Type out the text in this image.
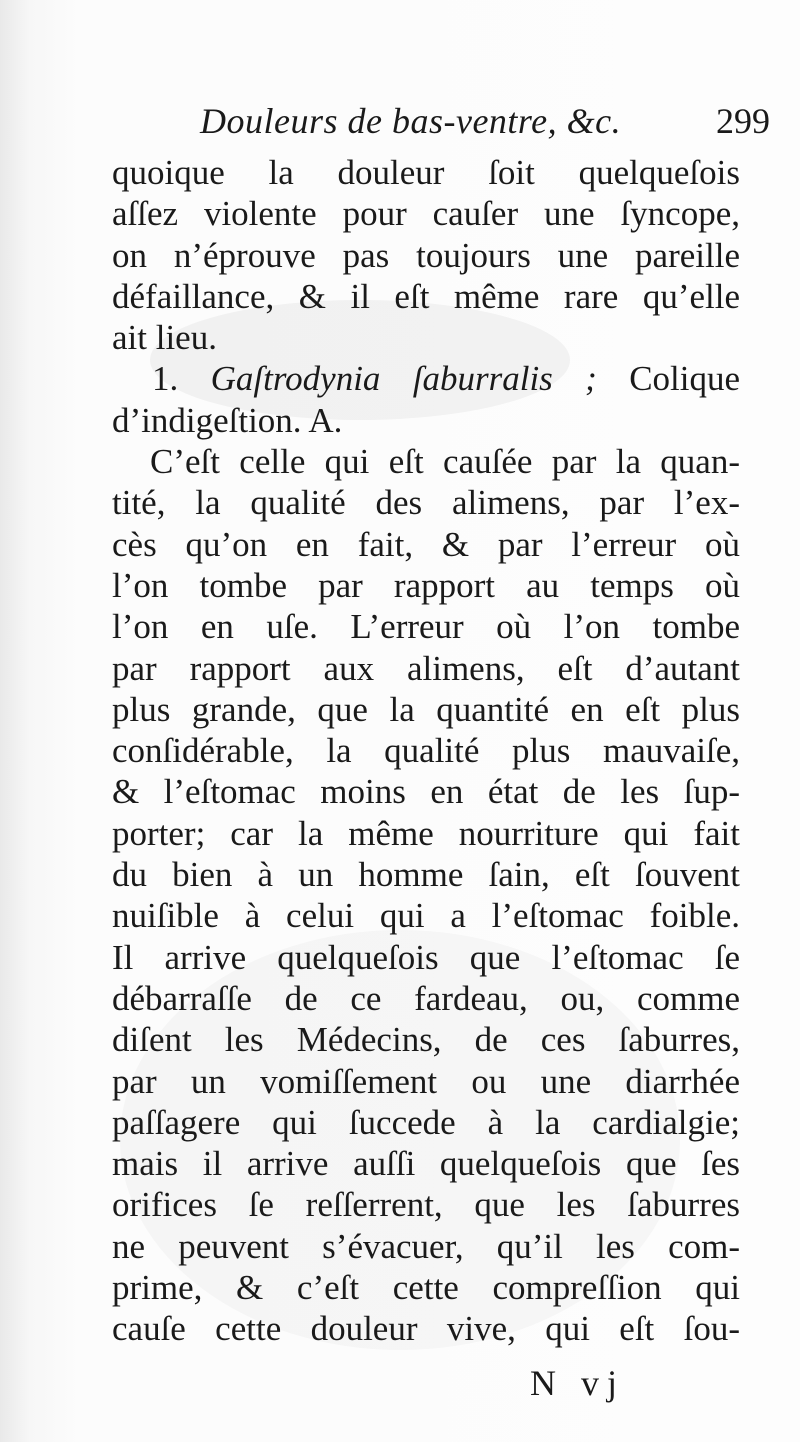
Douleurs de bas-ventre, &c.	299
quoique la douleur ſoit quelqueſois
aſſez violente pour cauſer une ſyncope,
on n’éprouve pas toujours une pareille
défaillance, & il eſt même rare qu’elle
ait lieu.
1. Gaſtrodynia ſaburralis ; Colique
d’indigeſtion. A.
C’eſt celle qui eſt cauſée par la quan-
tité, la qualité des alimens, par l’ex-
cès qu’on en fait, & par l’erreur où
l’on tombe par rapport au temps où
l’on en uſe. L’erreur où l’on tombe
par rapport aux alimens, eſt d’autant
plus grande, que la quantité en eſt plus
conſidérable, la qualité plus mauvaiſe,
& l’eſtomac moins en état de les ſup-
porter; car la même nourriture qui fait
du bien à un homme ſain, eſt ſouvent
nuiſible à celui qui a l’eſtomac foible.
Il arrive quelqueſois que l’eſtomac ſe
débarraſſe de ce fardeau, ou, comme
diſent les Médecins, de ces ſaburres,
par un vomiſſement ou une diarrhée
paſſagere qui ſuccede à la cardialgie;
mais il arrive auſſi quelqueſois que ſes
orifices ſe reſſerrent, que les ſaburres
ne peuvent s’évacuer, qu’il les com-
prime, & c’eſt cette compreſſion qui
cauſe cette douleur vive, qui eſt ſou-
N vj
